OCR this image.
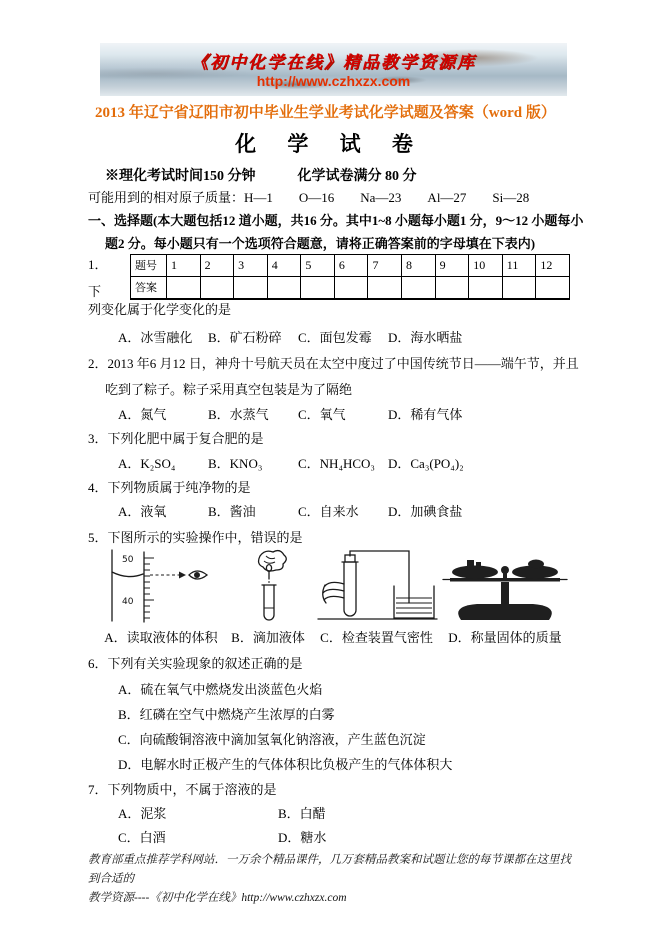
《初中化学在线》精品教学资源库
http://www.czhxzx.com
2013 年辽宁省辽阳市初中毕业生学业考试化学试题及答案（word 版）
化 学 试 卷
※理化考试时间150 分钟　　　化学试卷满分 80 分
可能用到的相对原子质量：H—1　　O—16　　Na—23　　Al—27　　Si—28
一、选择题(本大题包括12 道小题，共16 分。其中1~8 小题每小题1 分，9～12 小题每小
题2 分。每小题只有一个选项符合题意，请将正确答案前的字母填在下表内)
1．
下
题号	1	2	3	4	5	6	7	8	9	10	11	12
答案												
列变化属于化学变化的是
A．冰雪融化	B．矿石粉碎	C．面包发霉	D．海水晒盐
2．2013 年6 月12 日，神舟十号航天员在太空中度过了中国传统节日——端午节，并且
吃到了粽子。粽子采用真空包装是为了隔绝
A．氮气	B．水蒸气	C．氧气	D．稀有气体
3．下列化肥中属于复合肥的是
A．K₂SO₄	B．KNO₃	C．NH₄HCO₃	D．Ca₃(PO₄)₂
4．下列物质属于纯净物的是
A．液氧	B．酱油	C．自来水	D．加碘食盐
5．下图所示的实验操作中，错误的是
50
40
A．读取液体的体积 B．滴加液体 C．检查装置气密性 D．称量固体的质量
6．下列有关实验现象的叙述正确的是
A．硫在氧气中燃烧发出淡蓝色火焰
B．红磷在空气中燃烧产生浓厚的白雾
C．向硫酸铜溶液中滴加氢氧化钠溶液，产生蓝色沉淀
D．电解水时正极产生的气体体积比负极产生的气体体积大
7．下列物质中，不属于溶液的是
A．泥浆	B．白醋
C．白酒	D．糖水
教育部重点推荐学科网站．一万余个精品课件，几万套精品教案和试题让您的每节课都在这里找到合适的
教学资源----《初中化学在线》http://www.czhxzx.com
